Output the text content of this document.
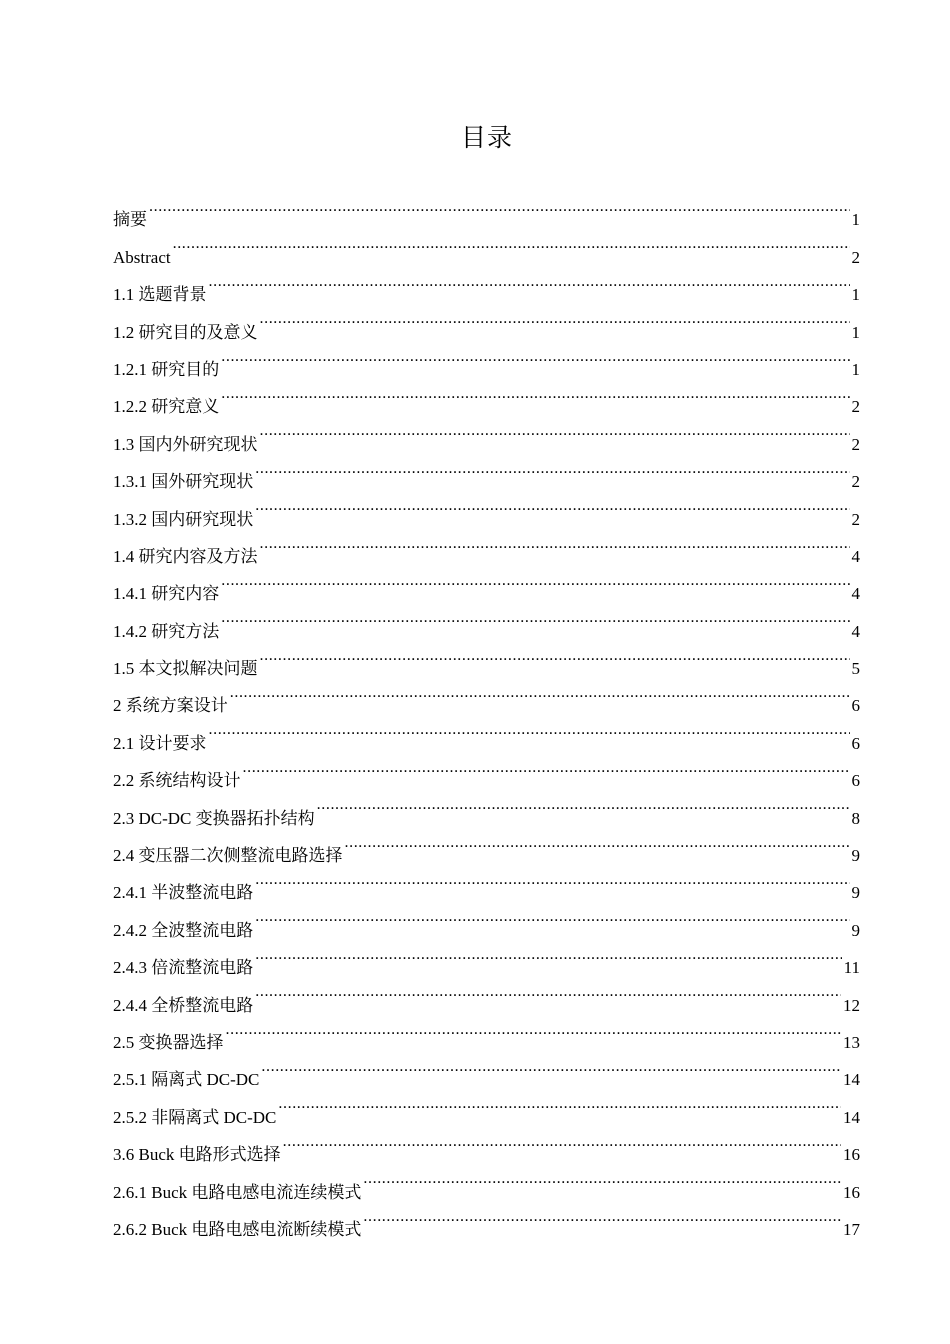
目录
摘要 .....	1
Abstract .....	2
1.1 选题背景 .....	1
1.2 研究目的及意义 .....	1
1.2.1 研究目的 .....	1
1.2.2 研究意义 .....	2
1.3 国内外研究现状 .....	2
1.3.1 国外研究现状 .....	2
1.3.2 国内研究现状 .....	2
1.4 研究内容及方法 .....	4
1.4.1 研究内容 .....	4
1.4.2 研究方法 .....	4
1.5 本文拟解决问题 .....	5
2 系统方案设计 .....	6
2.1 设计要求 .....	6
2.2 系统结构设计 .....	6
2.3 DC-DC 变换器拓扑结构 .....	8
2.4 变压器二次侧整流电路选择 .....	9
2.4.1 半波整流电路 .....	9
2.4.2 全波整流电路 .....	9
2.4.3 倍流整流电路 .....	11
2.4.4 全桥整流电路 .....	12
2.5 变换器选择 .....	13
2.5.1 隔离式 DC-DC .....	14
2.5.2 非隔离式 DC-DC .....	14
3.6 Buck 电路形式选择 .....	16
2.6.1 Buck 电路电感电流连续模式 .....	16
2.6.2 Buck 电路电感电流断续模式 .....	17
